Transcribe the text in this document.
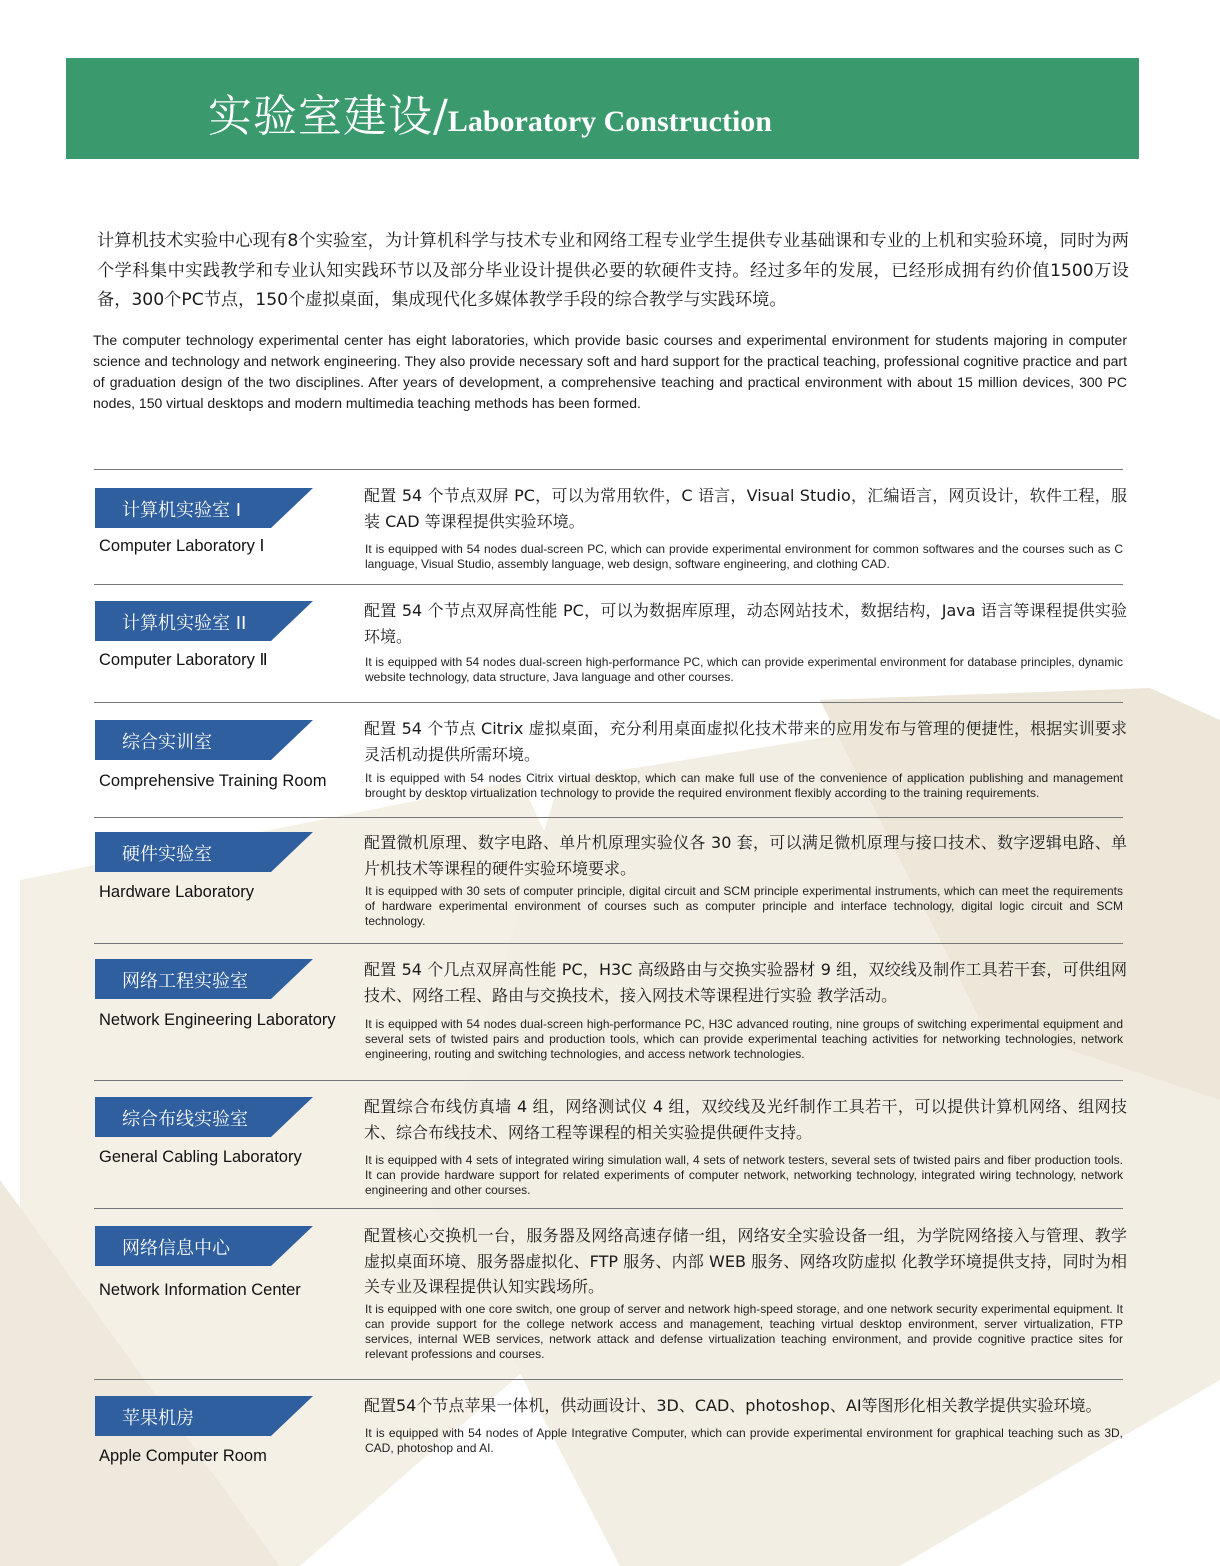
实验室建设/Laboratory Construction

计算机技术实验中心现有8个实验室，为计算机科学与技术专业和网络工程专业学生提供专业基础课和专业的上机和实验环境，同时为两个学科集中实践教学和专业认知实践环节以及部分毕业设计提供必要的软硬件支持。经过多年的发展，已经形成拥有约价值1500万设备，300个PC节点，150个虚拟桌面，集成现代化多媒体教学手段的综合教学与实践环境。

The computer technology experimental center has eight laboratories, which provide basic courses and experimental environment for students majoring in computer science and technology and network engineering. They also provide necessary soft and hard support for the practical teaching, professional cognitive practice and part of graduation design of the two disciplines. After years of development, a comprehensive teaching and practical environment with about 15 million devices, 300 PC nodes, 150 virtual desktops and modern multimedia teaching methods has been formed.

计算机实验室 I
Computer Laboratory Ⅰ

配置 54 个节点双屏 PC，可以为常用软件，C 语言，Visual Studio，汇编语言，网页设计，软件工程，服装 CAD 等课程提供实验环境。

It is equipped with 54 nodes dual-screen PC, which can provide experimental environment for common softwares and the courses such as C language, Visual Studio, assembly language, web design, software engineering, and clothing CAD.

计算机实验室 II
Computer Laboratory Ⅱ

配置 54 个节点双屏高性能 PC，可以为数据库原理，动态网站技术，数据结构，Java 语言等课程提供实验环境。

It is equipped with 54 nodes dual-screen high-performance PC, which can provide experimental environment for database principles, dynamic website technology, data structure, Java language and other courses.

综合实训室
Comprehensive Training Room

配置 54 个节点 Citrix 虚拟桌面，充分利用桌面虚拟化技术带来的应用发布与管理的便捷性，根据实训要求灵活机动提供所需环境。

It is equipped with 54 nodes Citrix virtual desktop, which can make full use of the convenience of application publishing and management brought by desktop virtualization technology to provide the required environment flexibly according to the training requirements.

硬件实验室
Hardware Laboratory

配置微机原理、数字电路、单片机原理实验仪各 30 套，可以满足微机原理与接口技术、数字逻辑电路、单片机技术等课程的硬件实验环境要求。

It is equipped with 30 sets of computer principle, digital circuit and SCM principle experimental instruments, which can meet the requirements of hardware experimental environment of courses such as computer principle and interface technology, digital logic circuit and SCM technology.

网络工程实验室
Network Engineering Laboratory

配置 54 个几点双屏高性能 PC，H3C 高级路由与交换实验器材 9 组，双绞线及制作工具若干套，可供组网技术、网络工程、路由与交换技术，接入网技术等课程进行实验 教学活动。

It is equipped with 54 nodes dual-screen high-performance PC, H3C advanced routing, nine groups of switching experimental equipment and several sets of twisted pairs and production tools, which can provide experimental teaching activities for networking technologies, network engineering, routing and switching technologies, and access network technologies.

综合布线实验室
General Cabling Laboratory

配置综合布线仿真墙 4 组，网络测试仪 4 组，双绞线及光纤制作工具若干，可以提供计算机网络、组网技术、综合布线技术、网络工程等课程的相关实验提供硬件支持。

It is equipped with 4 sets of integrated wiring simulation wall, 4 sets of network testers, several sets of twisted pairs and fiber production tools. It can provide hardware support for related experiments of computer network, networking technology, integrated wiring technology, network engineering and other courses.

网络信息中心
Network Information Center

配置核心交换机一台，服务器及网络高速存储一组，网络安全实验设备一组，为学院网络接入与管理、教学虚拟桌面环境、服务器虚拟化、FTP 服务、内部 WEB 服务、网络攻防虚拟 化教学环境提供支持，同时为相关专业及课程提供认知实践场所。

It is equipped with one core switch, one group of server and network high-speed storage, and one network security experimental equipment. It can provide support for the college network access and management, teaching virtual desktop environment, server virtualization, FTP services, internal WEB services, network attack and defense virtualization teaching environment, and provide cognitive practice sites for relevant professions and courses.

苹果机房
Apple Computer Room

配置54个节点苹果一体机，供动画设计、3D、CAD、photoshop、AI等图形化相关教学提供实验环境。

It is equipped with 54 nodes of Apple Integrative Computer, which can provide experimental environment for graphical teaching such as 3D, CAD, photoshop and AI.
